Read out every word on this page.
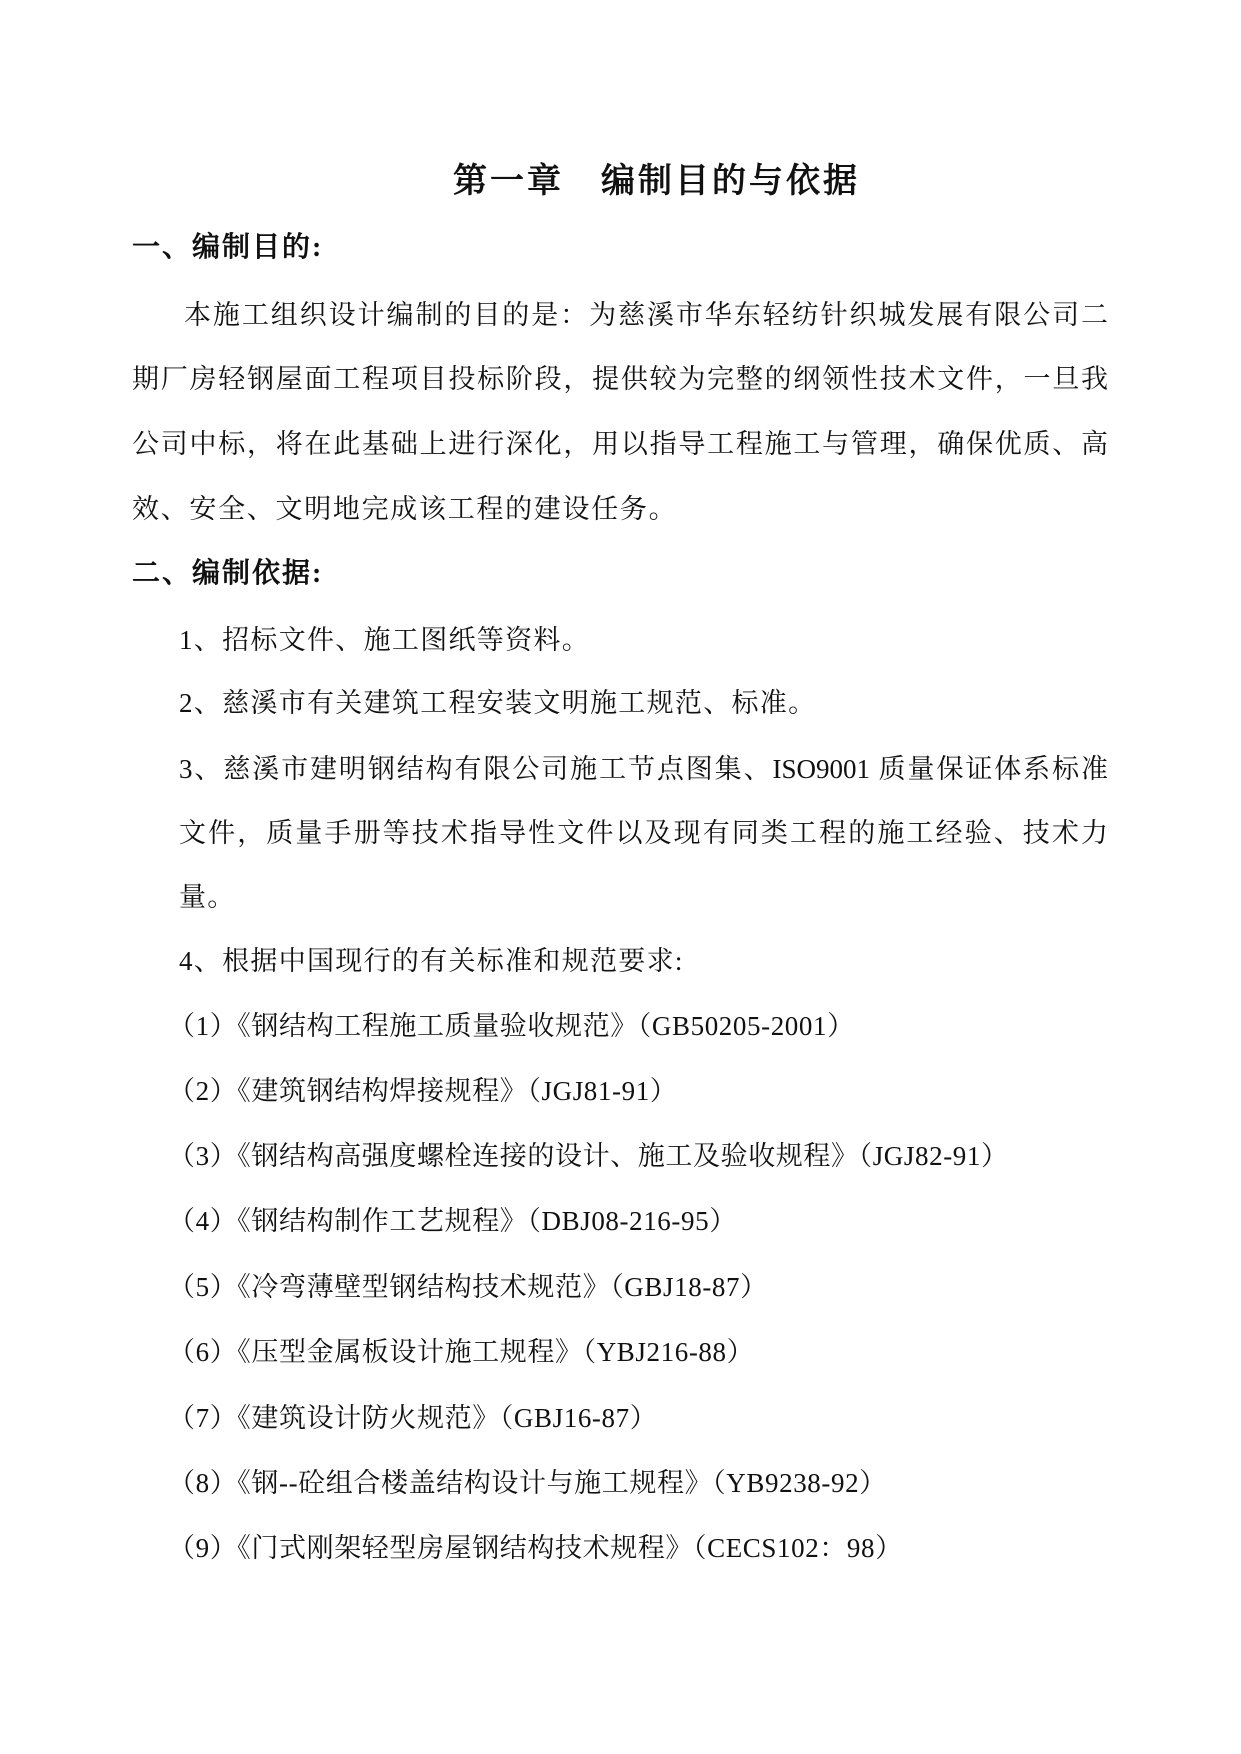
第一章　编制目的与依据
一、编制目的:
本施工组织设计编制的目的是：为慈溪市华东轻纺针织城发展有限公司二
期厂房轻钢屋面工程项目投标阶段，提供较为完整的纲领性技术文件，一旦我
公司中标，将在此基础上进行深化，用以指导工程施工与管理，确保优质、高
效、安全、文明地完成该工程的建设任务。
二、编制依据:
1、招标文件、施工图纸等资料。
2、慈溪市有关建筑工程安装文明施工规范、标准。
3、慈溪市建明钢结构有限公司施工节点图集、ISO9001 质量保证体系标准
文件，质量手册等技术指导性文件以及现有同类工程的施工经验、技术力
量。
4、根据中国现行的有关标准和规范要求:
（1）《钢结构工程施工质量验收规范》（GB50205-2001）
（2）《建筑钢结构焊接规程》（JGJ81-91）
（3）《钢结构高强度螺栓连接的设计、施工及验收规程》（JGJ82-91）
（4）《钢结构制作工艺规程》（DBJ08-216-95）
（5）《冷弯薄壁型钢结构技术规范》（GBJ18-87）
（6）《压型金属板设计施工规程》（YBJ216-88）
（7）《建筑设计防火规范》（GBJ16-87）
（8）《钢--砼组合楼盖结构设计与施工规程》（YB9238-92）
（9）《门式刚架轻型房屋钢结构技术规程》（CECS102：98）
